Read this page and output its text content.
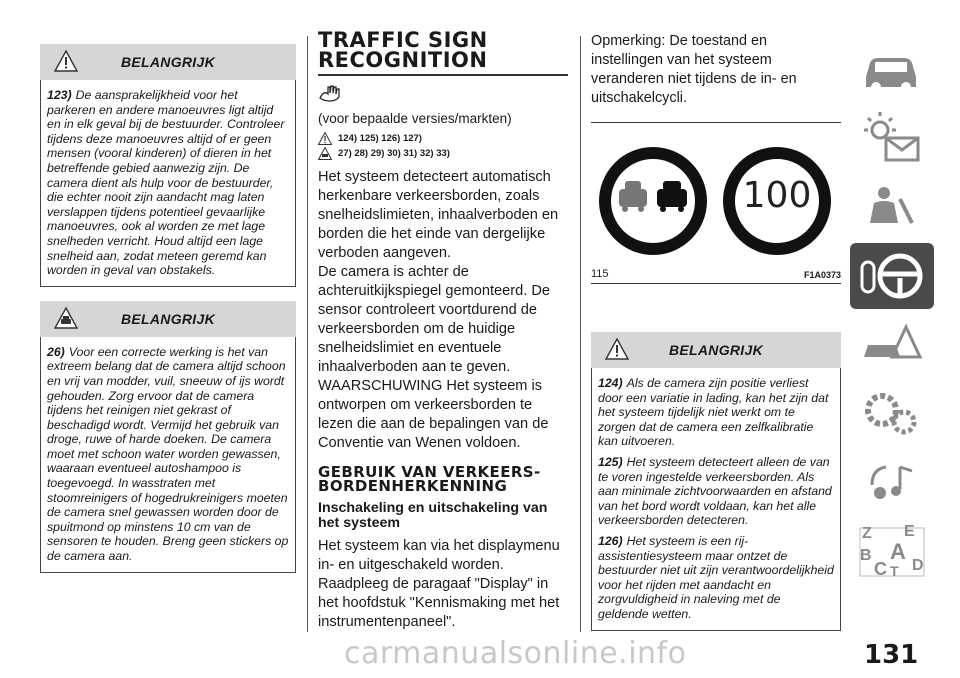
BELANGRIJK

123) De aansprakelijkheid voor het parkeren en andere manoeuvres ligt altijd en in elk geval bij de bestuurder. Controleer tijdens deze manoeuvres altijd of er geen mensen (vooral kinderen) of dieren in het betreffende gebied aanwezig zijn. De camera dient als hulp voor de bestuurder, die echter nooit zijn aandacht mag laten verslappen tijdens potentieel gevaarlijke manoeuvres, ook al worden ze met lage snelheden verricht. Houd altijd een lage snelheid aan, zodat meteen geremd kan worden in geval van obstakels.

BELANGRIJK

26) Voor een correcte werking is het van extreem belang dat de camera altijd schoon en vrij van modder, vuil, sneeuw of ijs wordt gehouden. Zorg ervoor dat de camera tijdens het reinigen niet gekrast of beschadigd wordt. Vermijd het gebruik van droge, ruwe of harde doeken. De camera moet met schoon water worden gewassen, waaraan eventueel autoshampoo is toegevoegd. In wasstraten met stoomreinigers of hogedrukreinigers moeten de camera snel gewassen worden door de spuitmond op minstens 10 cm van de sensoren te houden. Breng geen stickers op de camera aan.

TRAFFIC SIGN RECOGNITION

(voor bepaalde versies/markten)

124) 125) 126) 127)
27) 28) 29) 30) 31) 32) 33)

Het systeem detecteert automatisch herkenbare verkeersborden, zoals snelheidslimieten, inhaalverboden en borden die het einde van dergelijke verboden aangeven.

De camera is achter de achteruitkijkspiegel gemonteerd. De sensor controleert voortdurend de verkeersborden om de huidige snelheidslimiet en eventuele inhaalverboden aan te geven.

WAARSCHUWING Het systeem is ontworpen om verkeersborden te lezen die aan de bepalingen van de Conventie van Wenen voldoen.

GEBRUIK VAN VERKEERS-BORDENHERKENNING
Inschakeling en uitschakeling van het systeem

Het systeem kan via het displaymenu in- en uitgeschakeld worden.

Raadpleeg de paragaaf "Display" in het hoofdstuk "Kennismaking met het instrumentenpaneel".

Opmerking: De toestand en instellingen van het systeem veranderen niet tijdens de in- en uitschakelcycli.

100
115	F1A0373
BELANGRIJK

124) Als de camera zijn positie verliest door een variatie in lading, kan het zijn dat het systeem tijdelijk niet werkt om te zorgen dat de camera een zelfkalibratie kan uitvoeren.

125) Het systeem detecteert alleen de van te voren ingestelde verkeersborden. Als aan minimale zichtvoorwaarden en afstand van het bord wordt voldaan, kan het alle verkeersborden detecteren.

126) Het systeem is een rij-assistentiesysteem maar ontzet de bestuurder niet uit zijn verantwoordelijkheid voor het rijden met aandacht en zorgvuldigheid in naleving met de geldende wetten.

Z E
B A
C T D
carmanualsonline.info	131
